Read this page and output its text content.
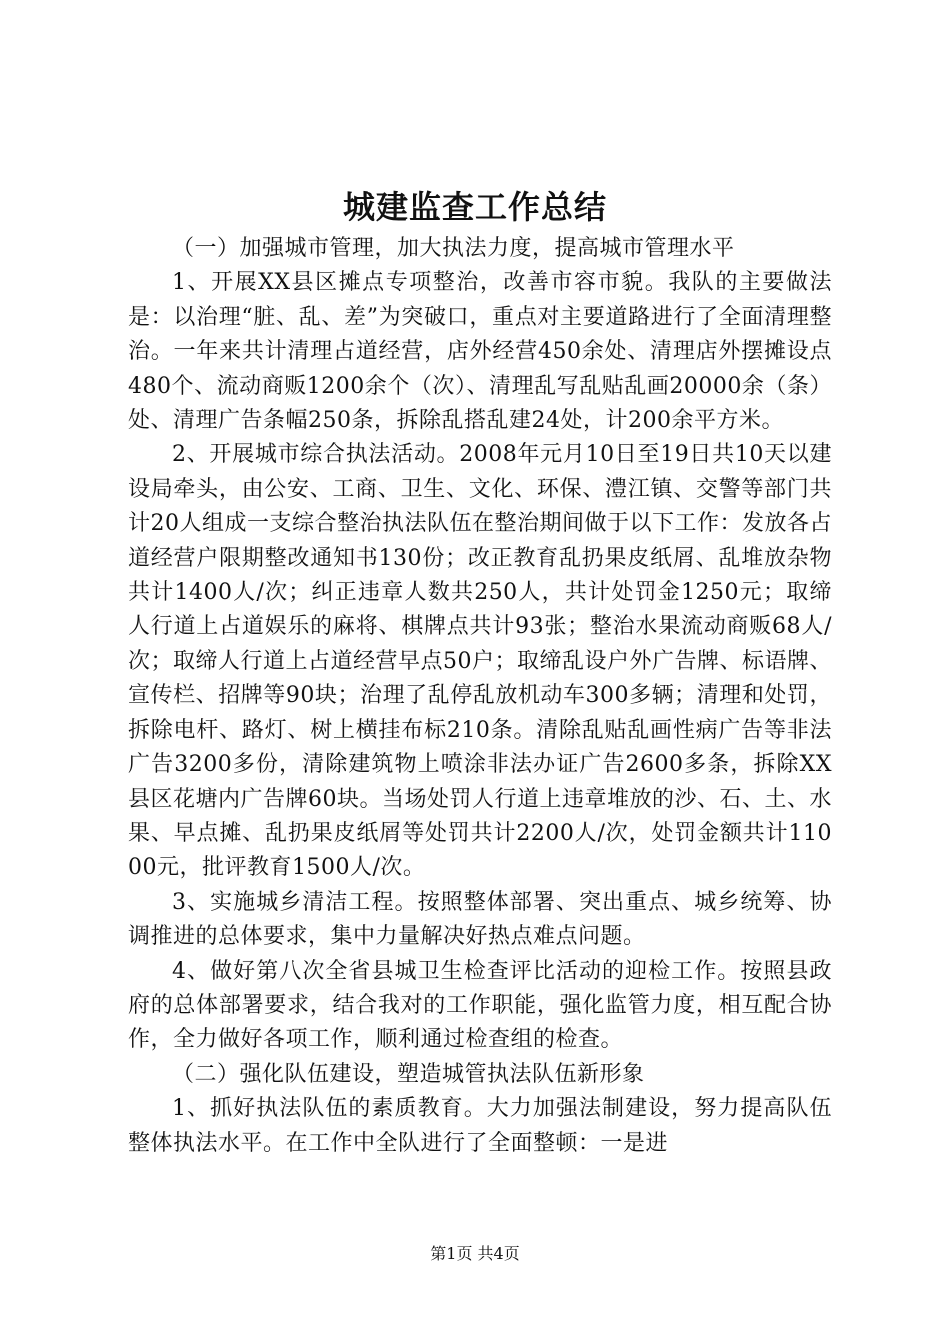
城建监查工作总结

（一）加强城市管理，加大执法力度，提高城市管理水平

1、开展XX县区摊点专项整治，改善市容市貌。我队的主要做法是：以治理“脏、乱、差”为突破口，重点对主要道路进行了全面清理整治。一年来共计清理占道经营，店外经营450余处、清理店外摆摊设点480个、流动商贩1200余个（次）、清理乱写乱贴乱画20000余（条）处、清理广告条幅250条，拆除乱搭乱建24处，计200余平方米。

2、开展城市综合执法活动。2008年元月10日至19日共10天以建设局牵头，由公安、工商、卫生、文化、环保、澧江镇、交警等部门共计20人组成一支综合整治执法队伍在整治期间做于以下工作：发放各占道经营户限期整改通知书130份；改正教育乱扔果皮纸屑、乱堆放杂物共计1400人/次；纠正违章人数共250人，共计处罚金1250元；取缔人行道上占道娱乐的麻将、棋牌点共计93张；整治水果流动商贩68人/次；取缔人行道上占道经营早点50户；取缔乱设户外广告牌、标语牌、宣传栏、招牌等90块；治理了乱停乱放机动车300多辆；清理和处罚，拆除电杆、路灯、树上横挂布标210条。清除乱贴乱画性病广告等非法广告3200多份，清除建筑物上喷涂非法办证广告2600多条，拆除XX县区花塘内广告牌60块。当场处罚人行道上违章堆放的沙、石、土、水果、早点摊、乱扔果皮纸屑等处罚共计2200人/次，处罚金额共计11000元，批评教育1500人/次。

3、实施城乡清洁工程。按照整体部署、突出重点、城乡统筹、协调推进的总体要求，集中力量解决好热点难点问题。

4、做好第八次全省县城卫生检查评比活动的迎检工作。按照县政府的总体部署要求，结合我对的工作职能，强化监管力度，相互配合协作，全力做好各项工作，顺利通过检查组的检查。

（二）强化队伍建设，塑造城管执法队伍新形象

1、抓好执法队伍的素质教育。大力加强法制建设，努力提高队伍整体执法水平。在工作中全队进行了全面整顿：一是进

第1页 共4页
